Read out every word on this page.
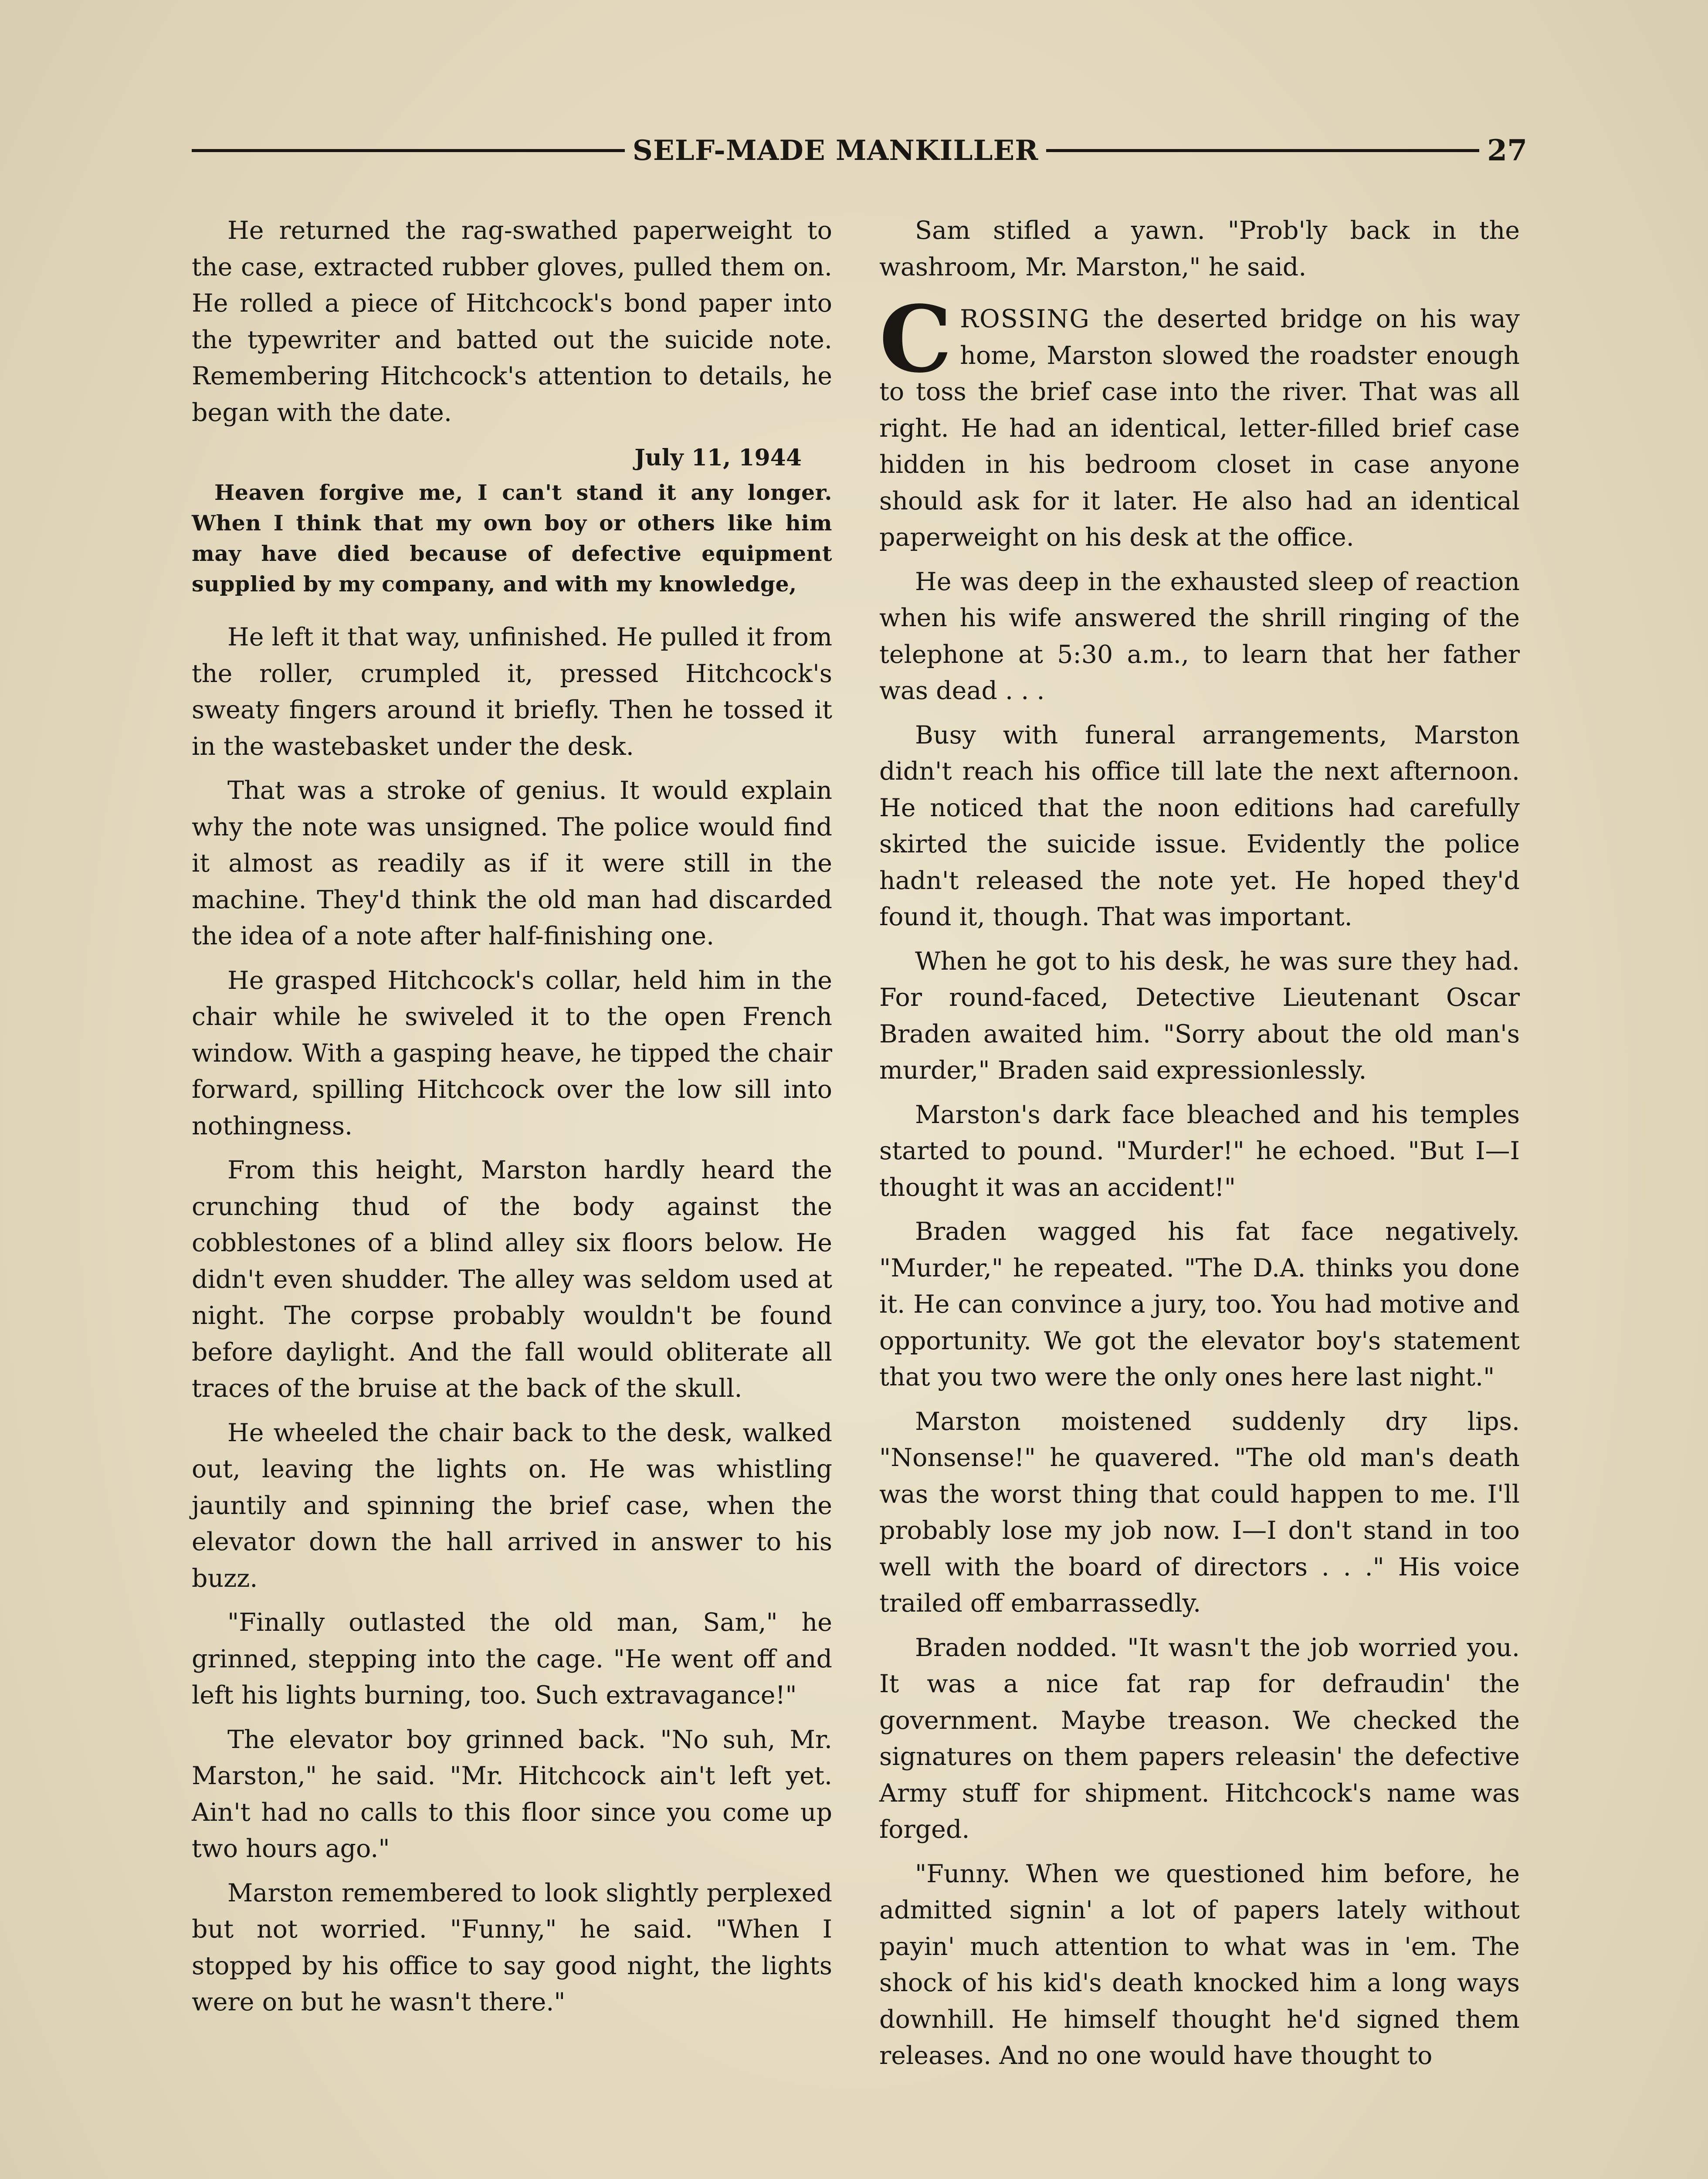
SELF-MADE MANKILLER	27

He returned the rag-swathed paperweight to the case, extracted rubber gloves, pulled them on. He rolled a piece of Hitchcock's bond paper into the typewriter and batted out the suicide note. Remembering Hitchcock's attention to details, he began with the date.

July 11, 1944
Heaven forgive me, I can't stand it any longer. When I think that my own boy or others like him may have died because of defective equipment supplied by my company, and with my knowledge,

He left it that way, unfinished. He pulled it from the roller, crumpled it, pressed Hitchcock's sweaty fingers around it briefly. Then he tossed it in the wastebasket under the desk.

That was a stroke of genius. It would explain why the note was unsigned. The police would find it almost as readily as if it were still in the machine. They'd think the old man had discarded the idea of a note after half-finishing one.

He grasped Hitchcock's collar, held him in the chair while he swiveled it to the open French window. With a gasping heave, he tipped the chair forward, spilling Hitchcock over the low sill into nothingness.

From this height, Marston hardly heard the crunching thud of the body against the cobblestones of a blind alley six floors below. He didn't even shudder. The alley was seldom used at night. The corpse probably wouldn't be found before daylight. And the fall would obliterate all traces of the bruise at the back of the skull.

He wheeled the chair back to the desk, walked out, leaving the lights on. He was whistling jauntily and spinning the brief case, when the elevator down the hall arrived in answer to his buzz.

"Finally outlasted the old man, Sam," he grinned, stepping into the cage. "He went off and left his lights burning, too. Such extravagance!"

The elevator boy grinned back. "No suh, Mr. Marston," he said. "Mr. Hitchcock ain't left yet. Ain't had no calls to this floor since you come up two hours ago."

Marston remembered to look slightly perplexed but not worried. "Funny," he said. "When I stopped by his office to say good night, the lights were on but he wasn't there."

Sam stifled a yawn. "Prob'ly back in the washroom, Mr. Marston," he said.

CROSSING the deserted bridge on his way home, Marston slowed the roadster enough to toss the brief case into the river. That was all right. He had an identical, letter-filled brief case hidden in his bedroom closet in case anyone should ask for it later. He also had an identical paperweight on his desk at the office.

He was deep in the exhausted sleep of reaction when his wife answered the shrill ringing of the telephone at 5:30 a.m., to learn that her father was dead . . .

Busy with funeral arrangements, Marston didn't reach his office till late the next afternoon. He noticed that the noon editions had carefully skirted the suicide issue. Evidently the police hadn't released the note yet. He hoped they'd found it, though. That was important.

When he got to his desk, he was sure they had. For round-faced, Detective Lieutenant Oscar Braden awaited him. "Sorry about the old man's murder," Braden said expressionlessly.

Marston's dark face bleached and his temples started to pound. "Murder!" he echoed. "But I—I thought it was an accident!"

Braden wagged his fat face negatively. "Murder," he repeated. "The D.A. thinks you done it. He can convince a jury, too. You had motive and opportunity. We got the elevator boy's statement that you two were the only ones here last night."

Marston moistened suddenly dry lips. "Nonsense!" he quavered. "The old man's death was the worst thing that could happen to me. I'll probably lose my job now. I—I don't stand in too well with the board of directors . . ." His voice trailed off embarrassedly.

Braden nodded. "It wasn't the job worried you. It was a nice fat rap for defraudin' the government. Maybe treason. We checked the signatures on them papers releasin' the defective Army stuff for shipment. Hitchcock's name was forged.

"Funny. When we questioned him before, he admitted signin' a lot of papers lately without payin' much attention to what was in 'em. The shock of his kid's death knocked him a long ways downhill. He himself thought he'd signed them releases. And no one would have thought to
